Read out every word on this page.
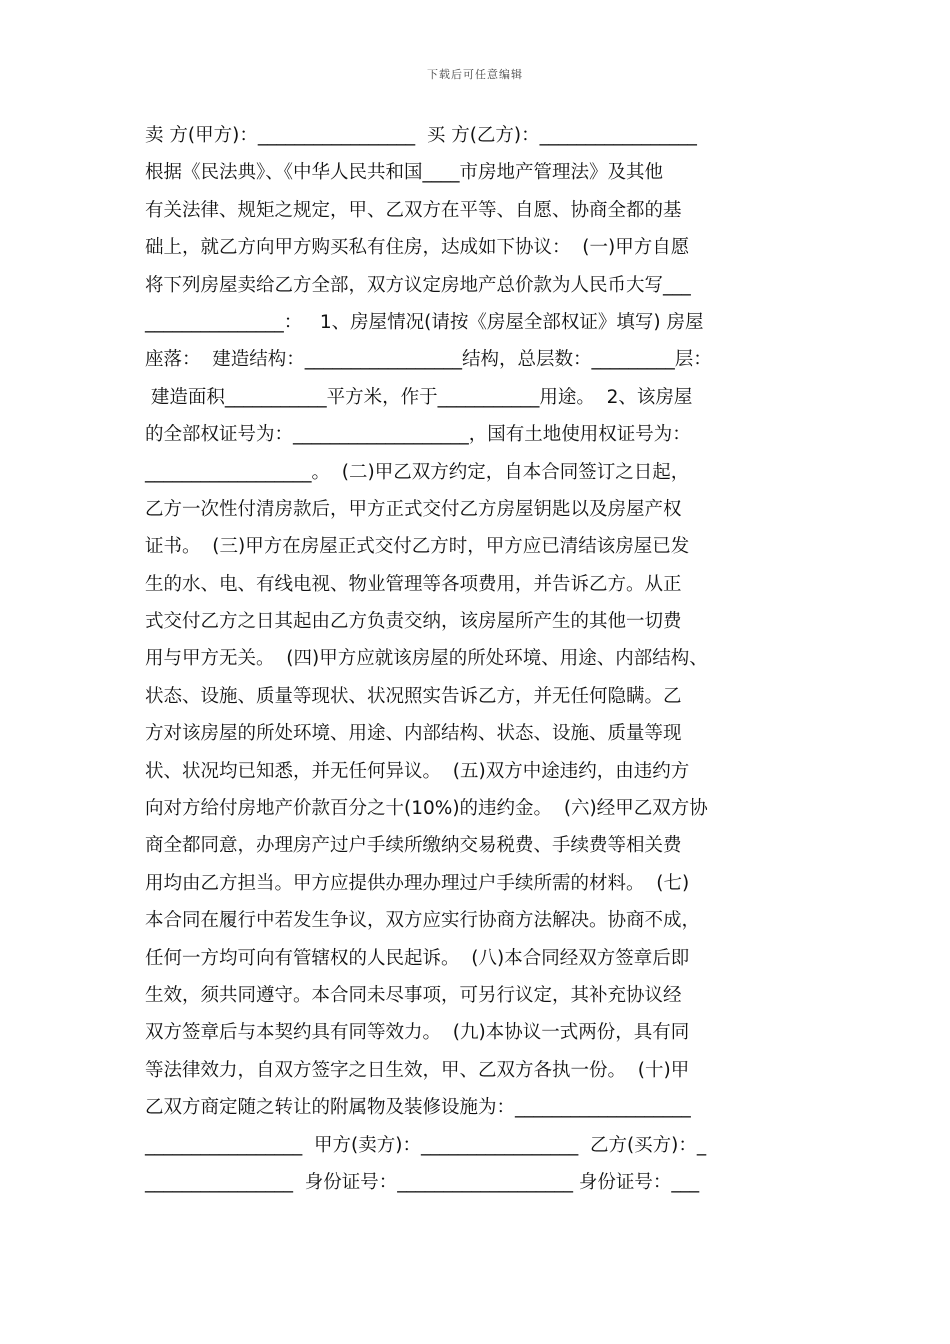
下载后可任意编辑
卖 方(甲方)：_________________  买 方(乙方)：_________________
根据《民法典》、《中华人民共和国____市房地产管理法》及其他
有关法律、规矩之规定，甲、乙双方在平等、自愿、协商全都的基
础上，就乙方向甲方购买私有住房，达成如下协议：  (一)甲方自愿
将下列房屋卖给乙方全部，双方议定房地产总价款为人民币大写___
_______________：   1、房屋情况(请按《房屋全部权证》填写) 房屋
座落：  建造结构：_________________结构，总层数：_________层：
建造面积___________平方米，作于___________用途。  2、该房屋
的全部权证号为：___________________，国有土地使用权证号为：
__________________。  (二)甲乙双方约定，自本合同签订之日起，
乙方一次性付清房款后，甲方正式交付乙方房屋钥匙以及房屋产权
证书。  (三)甲方在房屋正式交付乙方时，甲方应已清结该房屋已发
生的水、电、有线电视、物业管理等各项费用，并告诉乙方。从正
式交付乙方之日其起由乙方负责交纳，该房屋所产生的其他一切费
用与甲方无关。  (四)甲方应就该房屋的所处环境、用途、内部结构、
状态、设施、质量等现状、状况照实告诉乙方，并无任何隐瞒。乙
方对该房屋的所处环境、用途、内部结构、状态、设施、质量等现
状、状况均已知悉，并无任何异议。  (五)双方中途违约，由违约方
向对方给付房地产价款百分之十(10%)的违约金。  (六)经甲乙双方协
商全都同意，办理房产过户手续所缴纳交易税费、手续费等相关费
用均由乙方担当。甲方应提供办理办理过户手续所需的材料。  (七)
本合同在履行中若发生争议，双方应实行协商方法解决。协商不成，
任何一方均可向有管辖权的人民起诉。  (八)本合同经双方签章后即
生效，须共同遵守。本合同未尽事项，可另行议定，其补充协议经
双方签章后与本契约具有同等效力。  (九)本协议一式两份，具有同
等法律效力，自双方签字之日生效，甲、乙双方各执一份。  (十)甲
乙双方商定随之转让的附属物及装修设施为：___________________
_________________  甲方(卖方)：_________________  乙方(买方)：_
________________  身份证号：___________________ 身份证号：___
